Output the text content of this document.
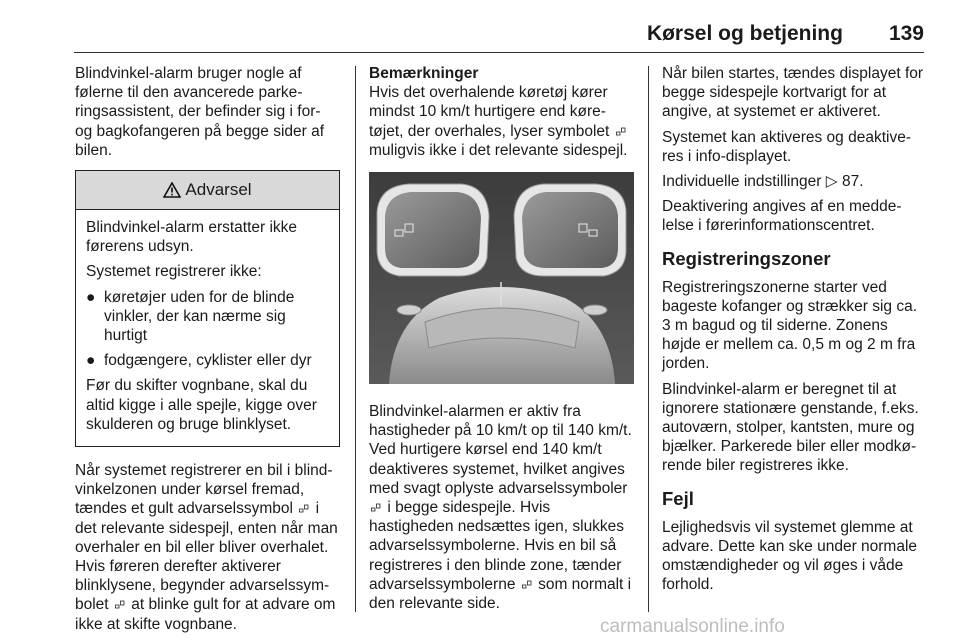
Kørsel og betjening 139

Blindvinkel-alarm bruger nogle af følerne til den avancerede parkeringsassistent, der befinder sig i for- og bagkofangeren på begge sider af bilen.

Advarsel

Blindvinkel-alarm erstatter ikke førerens udsyn.

Systemet registrerer ikke:

● køretøjer uden for de blinde vinkler, der kan nærme sig hurtigt
● fodgængere, cyklister eller dyr

Før du skifter vognbane, skal du altid kigge i alle spejle, kigge over skulderen og bruge blinklyset.

Når systemet registrerer en bil i blindvinkelzonen under kørsel fremad, tændes et gult advarselssymbol i det relevante sidespejl, enten når man overhaler en bil eller bliver overhalet. Hvis føreren derefter aktiverer blinklysene, begynder advarselssymbolet at blinke gult for at advare om ikke at skifte vognbane.

Bemærkninger

Hvis det overhalende køretøj kører mindst 10 km/t hurtigere end køretøjet, der overhales, lyser symbolet  muligvis ikke i det relevante sidespejl.

Blindvinkel-alarmen er aktiv fra hastigheder på 10 km/t op til 140 km/t. Ved hurtigere kørsel end 140 km/t deaktiveres systemet, hvilket angives med svagt oplyste advarselssymboler  i begge sidespejle. Hvis hastigheden nedsættes igen, slukkes advarselssymbolerne. Hvis en bil så registreres i den blinde zone, tænder advarselssymbolerne som normalt i den relevante side.

Når bilen startes, tændes displayet for begge sidespejle kortvarigt for at angive, at systemet er aktiveret.

Systemet kan aktiveres og deaktiveres i info-displayet.

Individuelle indstillinger ▷ 87.

Deaktivering angives af en meddelelse i førerinformationscentret.

Registreringszoner

Registreringszonerne starter ved bageste kofanger og strækker sig ca. 3 m bagud og til siderne. Zonens højde er mellem ca. 0,5 m og 2 m fra jorden.

Blindvinkel-alarm er beregnet til at ignorere stationære genstande, f.eks. autoværn, stolper, kantsten, mure og bjælker. Parkerede biler eller modkørende biler registreres ikke.

Fejl

Lejlighedsvis vil systemet glemme at advare. Dette kan ske under normale omstændigheder og vil øges i våde forhold.

carmanualsonline.info
